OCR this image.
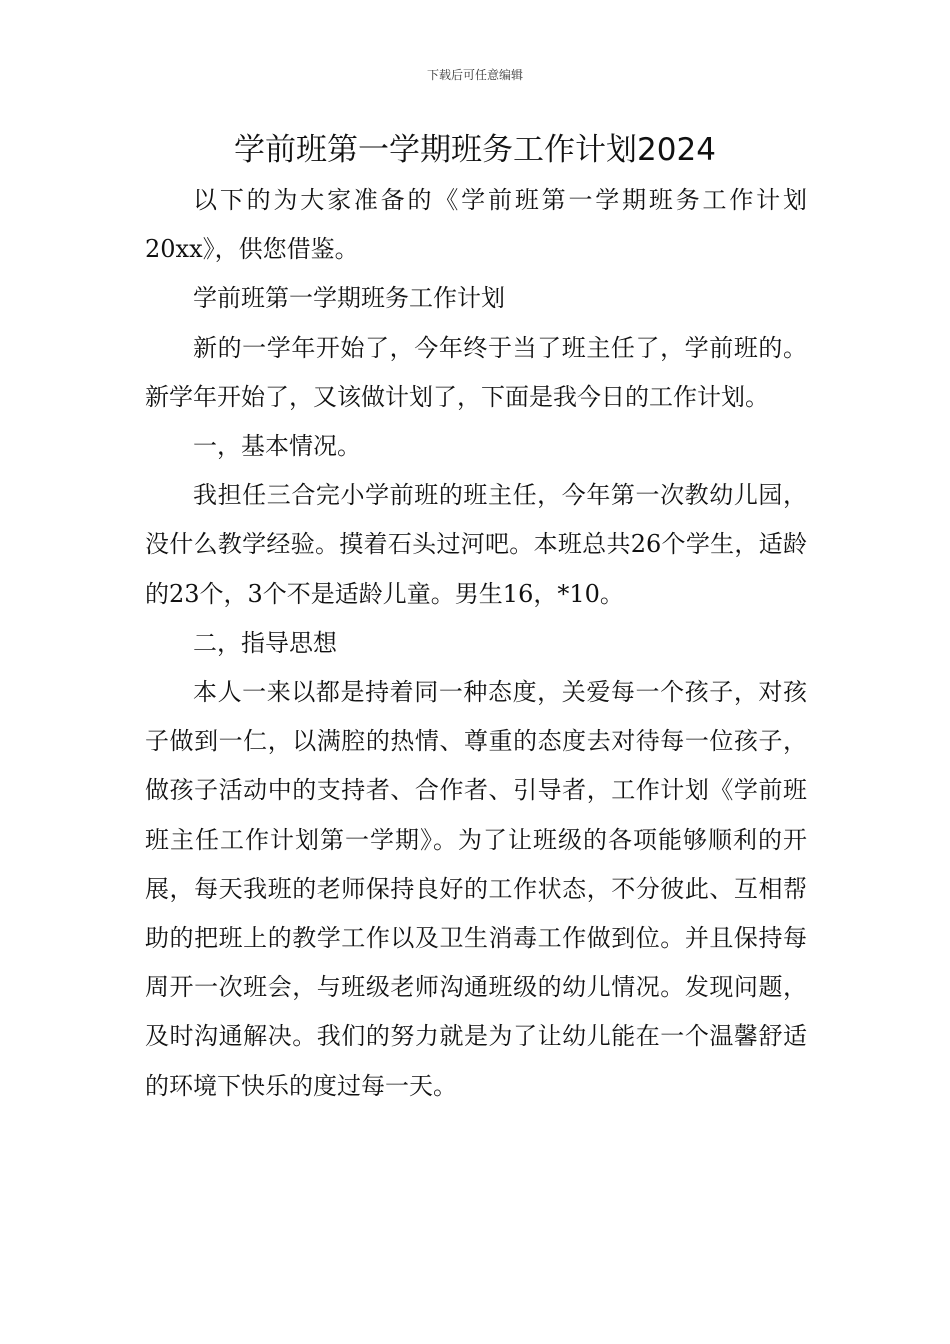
下载后可任意编辑
学前班第一学期班务工作计划2024

以下的为大家准备的《学前班第一学期班务工作计划20xx》，供您借鉴。

学前班第一学期班务工作计划

新的一学年开始了，今年终于当了班主任了，学前班的。新学年开始了，又该做计划了，下面是我今日的工作计划。

一，基本情况。

我担任三合完小学前班的班主任，今年第一次教幼儿园，没什么教学经验。摸着石头过河吧。本班总共26个学生，适龄的23个，3个不是适龄儿童。男生16，*10。

二，指导思想

本人一来以都是持着同一种态度，关爱每一个孩子，对孩子做到一仁，以满腔的热情、尊重的态度去对待每一位孩子，做孩子活动中的支持者、合作者、引导者，工作计划《学前班班主任工作计划第一学期》。为了让班级的各项能够顺利的开展，每天我班的老师保持良好的工作状态，不分彼此、互相帮助的把班上的教学工作以及卫生消毒工作做到位。并且保持每周开一次班会，与班级老师沟通班级的幼儿情况。发现问题，及时沟通解决。我们的努力就是为了让幼儿能在一个温馨舒适的环境下快乐的度过每一天。
